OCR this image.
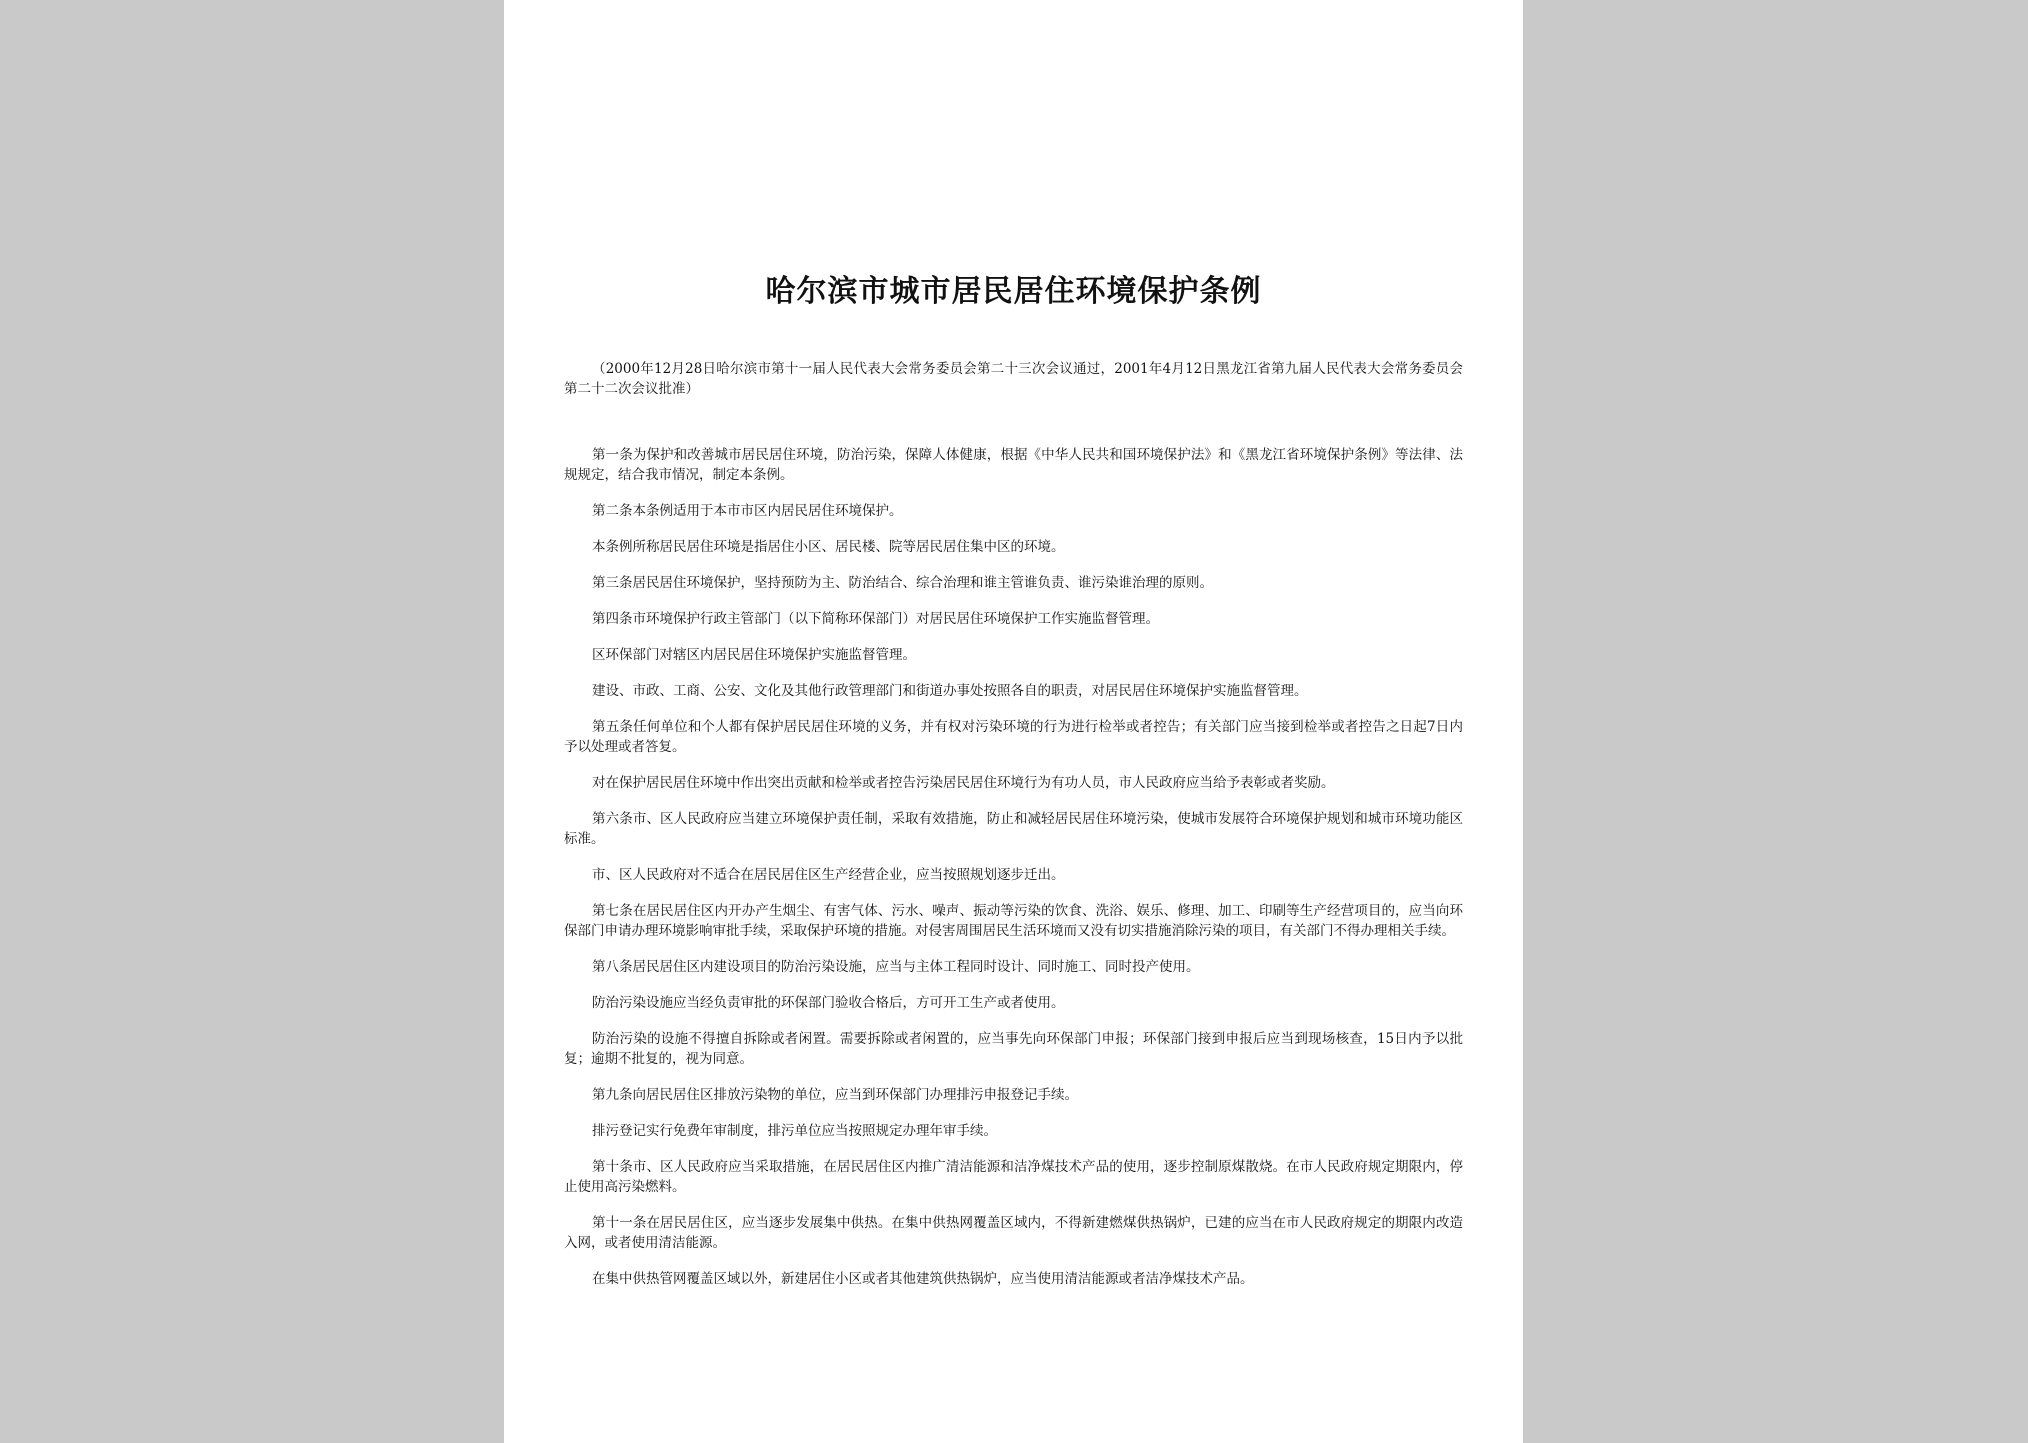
哈尔滨市城市居民居住环境保护条例
（2000年12月28日哈尔滨市第十一届人民代表大会常务委员会第二十三次会议通过，2001年4月12日黑龙江省第九届人民代表大会常务委员会第二十二次会议批准）

第一条为保护和改善城市居民居住环境，防治污染，保障人体健康，根据《中华人民共和国环境保护法》和《黑龙江省环境保护条例》等法律、法规规定，结合我市情况，制定本条例。

第二条本条例适用于本市市区内居民居住环境保护。

本条例所称居民居住环境是指居住小区、居民楼、院等居民居住集中区的环境。

第三条居民居住环境保护，坚持预防为主、防治结合、综合治理和谁主管谁负责、谁污染谁治理的原则。

第四条市环境保护行政主管部门（以下简称环保部门）对居民居住环境保护工作实施监督管理。

区环保部门对辖区内居民居住环境保护实施监督管理。

建设、市政、工商、公安、文化及其他行政管理部门和街道办事处按照各自的职责，对居民居住环境保护实施监督管理。

第五条任何单位和个人都有保护居民居住环境的义务，并有权对污染环境的行为进行检举或者控告；有关部门应当接到检举或者控告之日起7日内予以处理或者答复。

对在保护居民居住环境中作出突出贡献和检举或者控告污染居民居住环境行为有功人员，市人民政府应当给予表彰或者奖励。

第六条市、区人民政府应当建立环境保护责任制，采取有效措施，防止和减轻居民居住环境污染，使城市发展符合环境保护规划和城市环境功能区标准。

市、区人民政府对不适合在居民居住区生产经营企业，应当按照规划逐步迁出。

第七条在居民居住区内开办产生烟尘、有害气体、污水、噪声、振动等污染的饮食、洗浴、娱乐、修理、加工、印刷等生产经营项目的，应当向环保部门申请办理环境影响审批手续，采取保护环境的措施。对侵害周围居民生活环境而又没有切实措施消除污染的项目，有关部门不得办理相关手续。

第八条居民居住区内建设项目的防治污染设施，应当与主体工程同时设计、同时施工、同时投产使用。

防治污染设施应当经负责审批的环保部门验收合格后，方可开工生产或者使用。

防治污染的设施不得擅自拆除或者闲置。需要拆除或者闲置的，应当事先向环保部门申报；环保部门接到申报后应当到现场核查，15日内予以批复；逾期不批复的，视为同意。

第九条向居民居住区排放污染物的单位，应当到环保部门办理排污申报登记手续。

排污登记实行免费年审制度，排污单位应当按照规定办理年审手续。

第十条市、区人民政府应当采取措施，在居民居住区内推广清洁能源和洁净煤技术产品的使用，逐步控制原煤散烧。在市人民政府规定期限内，停止使用高污染燃料。

第十一条在居民居住区，应当逐步发展集中供热。在集中供热网覆盖区域内，不得新建燃煤供热锅炉，已建的应当在市人民政府规定的期限内改造入网，或者使用清洁能源。

在集中供热管网覆盖区域以外，新建居住小区或者其他建筑供热锅炉，应当使用清洁能源或者洁净煤技术产品。
